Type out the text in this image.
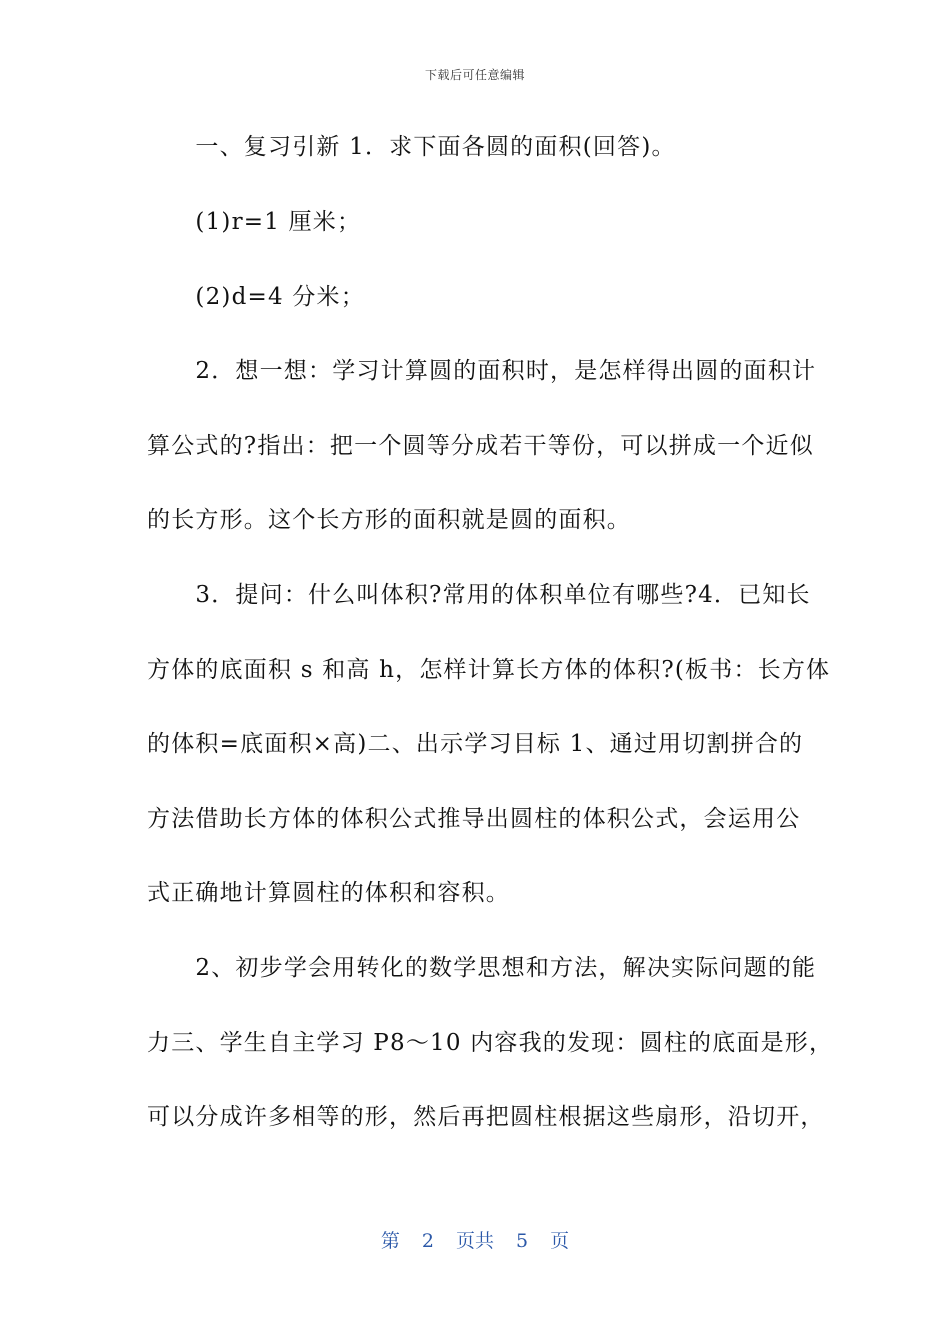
下载后可任意编辑
　　一、复习引新 1．求下面各圆的面积(回答)。
　　(1)r=1 厘米；
　　(2)d=4 分米；
　　2．想一想：学习计算圆的面积时，是怎样得出圆的面积计
算公式的?指出：把一个圆等分成若干等份，可以拼成一个近似
的长方形。这个长方形的面积就是圆的面积。
　　3．提问：什么叫体积?常用的体积单位有哪些?4．已知长
方体的底面积 s 和高 h，怎样计算长方体的体积?(板书：长方体
的体积=底面积×高)二、出示学习目标 1、通过用切割拼合的
方法借助长方体的体积公式推导出圆柱的体积公式，会运用公
式正确地计算圆柱的体积和容积。
　　2、初步学会用转化的数学思想和方法，解决实际问题的能
力三、学生自主学习 P8～10 内容我的发现：圆柱的底面是形，
可以分成许多相等的形，然后再把圆柱根据这些扇形，沿切开，
第 2 页共 5 页
